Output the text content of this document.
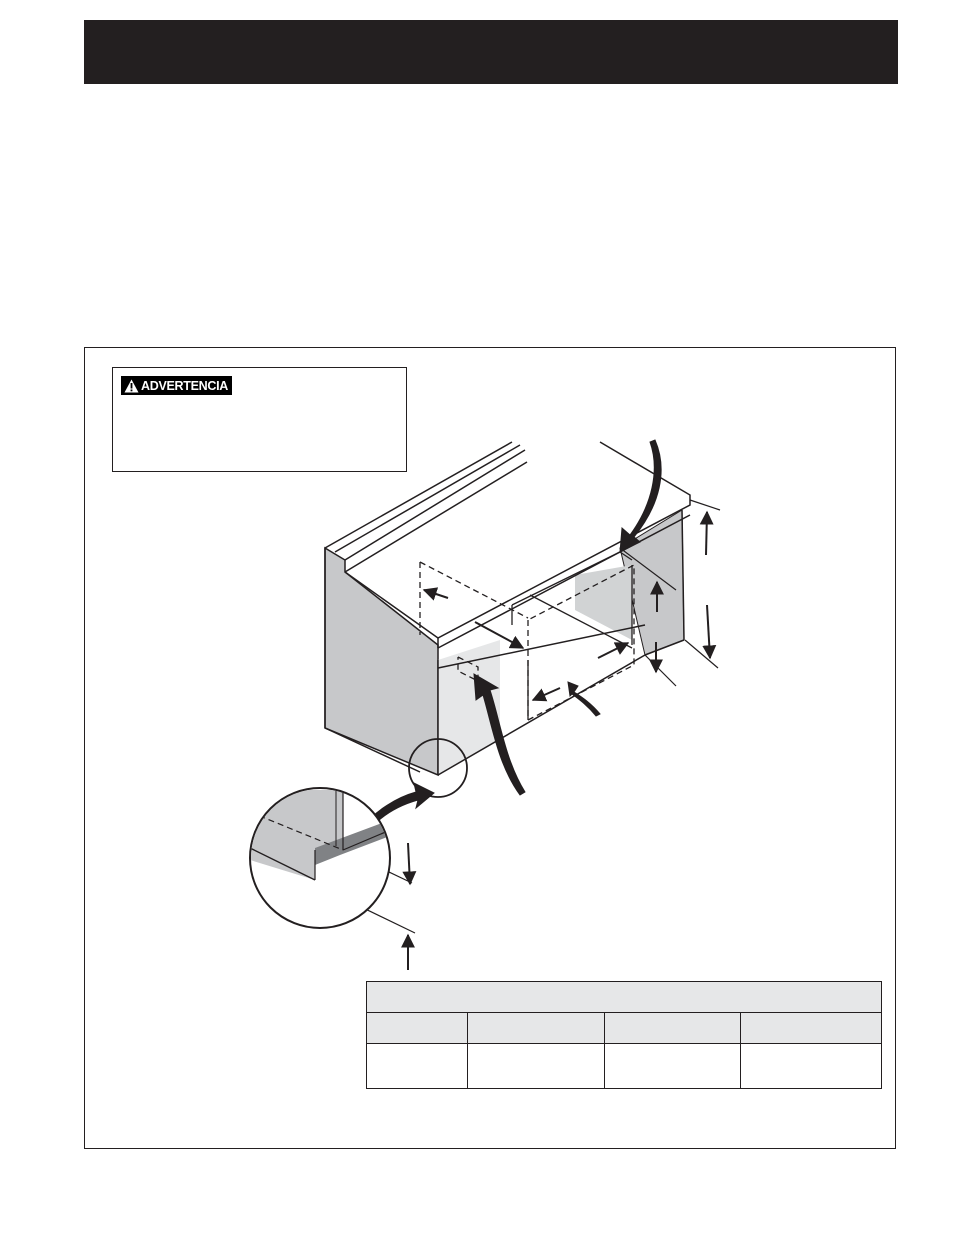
ADVERTENCIA
